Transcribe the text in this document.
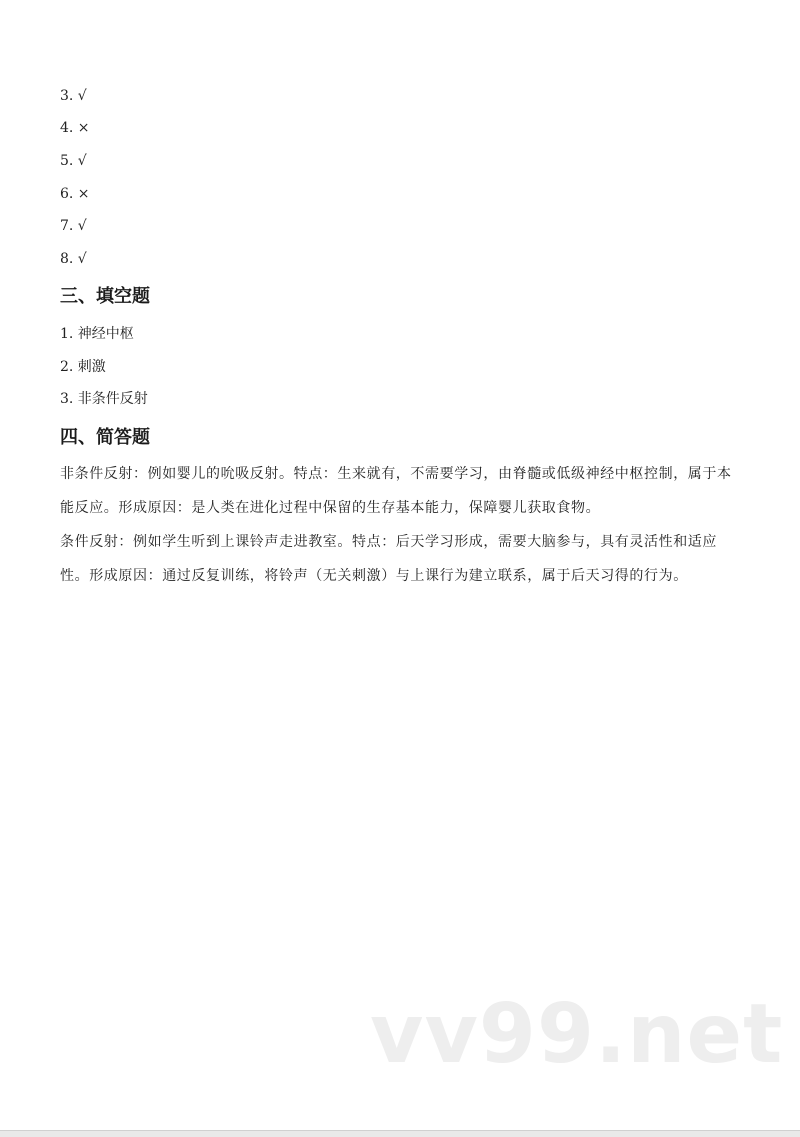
3. √
4. ×
5. √
6. ×
7. √
8. √
三、填空题
1. 神经中枢
2. 刺激
3. 非条件反射
四、简答题

非条件反射：例如婴儿的吮吸反射。特点：生来就有，不需要学习，由脊髓或低级神经中枢控制，属于本能反应。形成原因：是人类在进化过程中保留的生存基本能力，保障婴儿获取食物。

条件反射：例如学生听到上课铃声走进教室。特点：后天学习形成，需要大脑参与，具有灵活性和适应性。形成原因：通过反复训练，将铃声（无关刺激）与上课行为建立联系，属于后天习得的行为。

vv99.net
